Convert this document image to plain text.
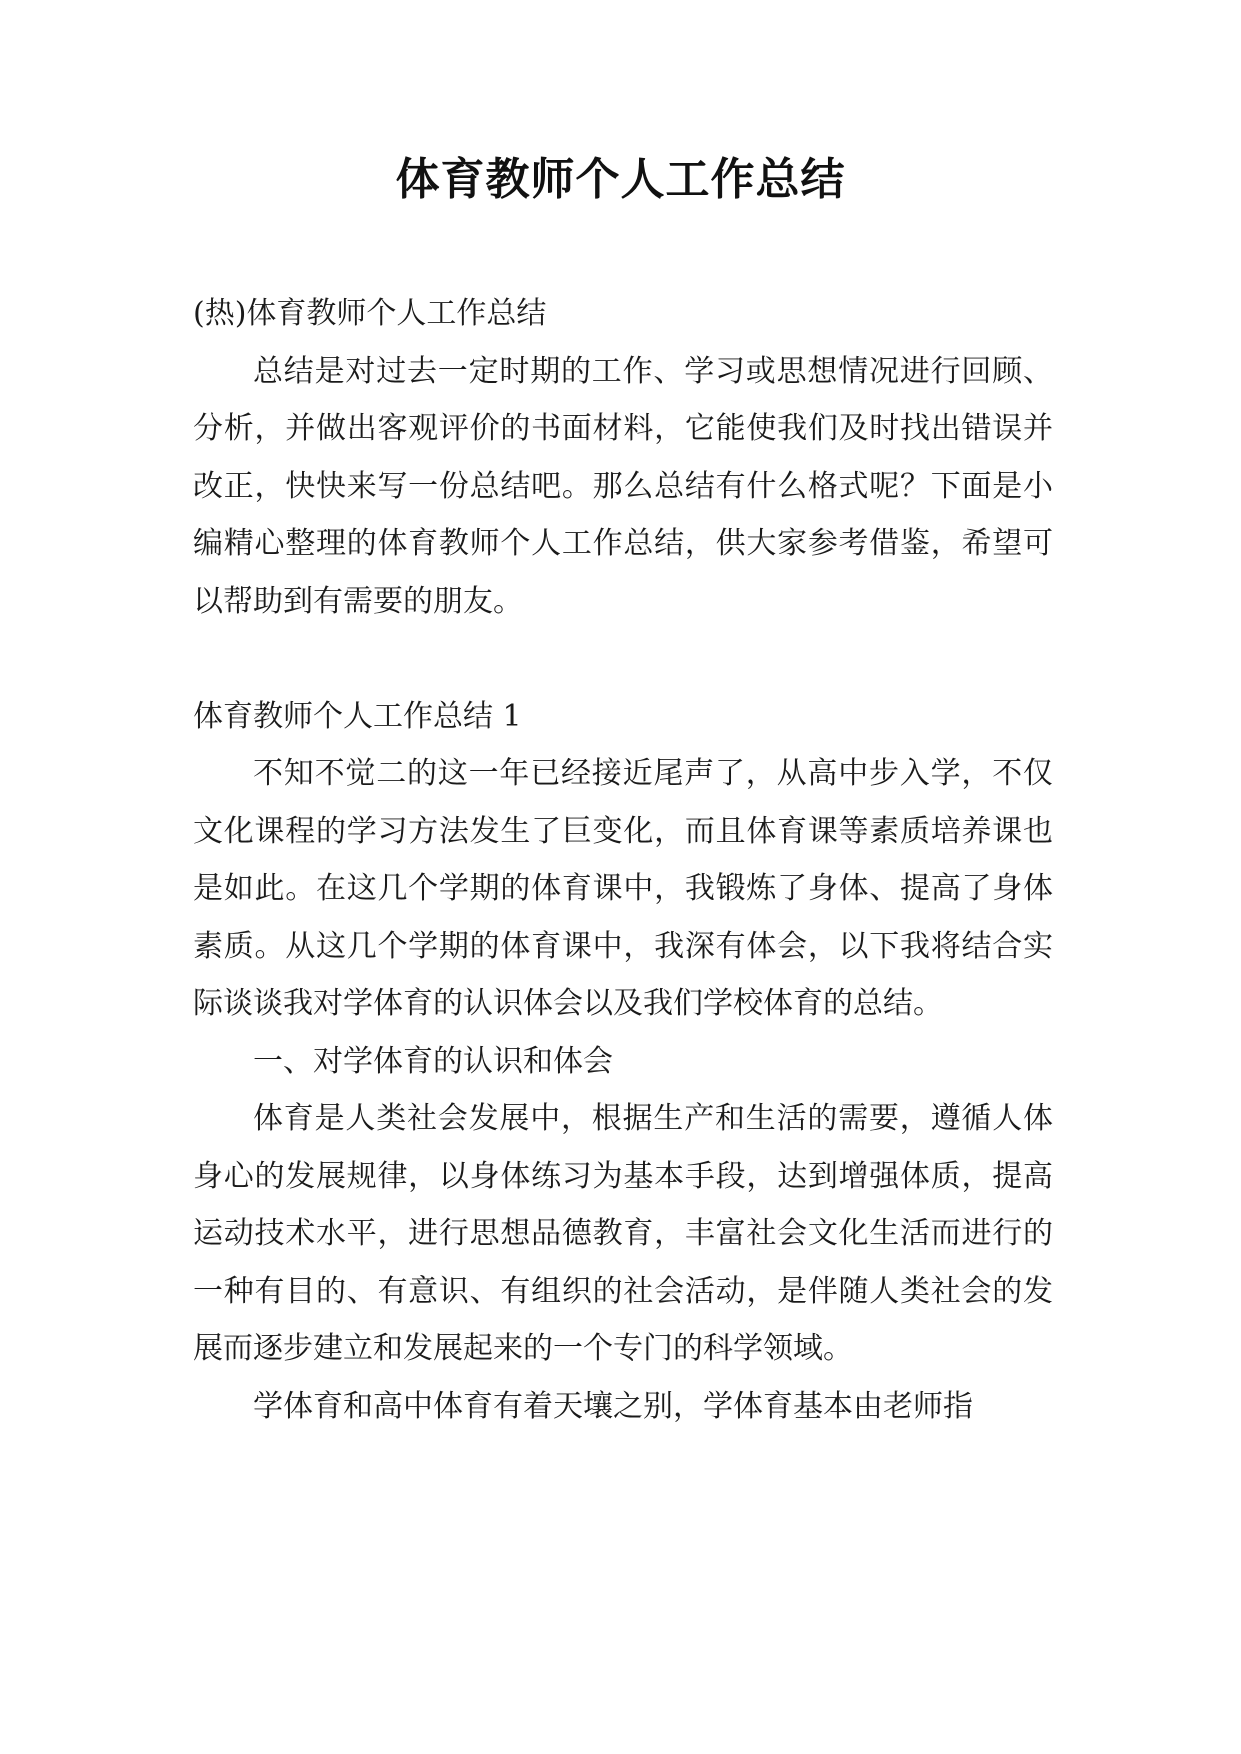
体育教师个人工作总结

(热)体育教师个人工作总结

总结是对过去一定时期的工作、学习或思想情况进行回顾、分析，并做出客观评价的书面材料，它能使我们及时找出错误并改正，快快来写一份总结吧。那么总结有什么格式呢？下面是小编精心整理的体育教师个人工作总结，供大家参考借鉴，希望可以帮助到有需要的朋友。

体育教师个人工作总结 1

不知不觉二的这一年已经接近尾声了，从高中步入学，不仅文化课程的学习方法发生了巨变化，而且体育课等素质培养课也是如此。在这几个学期的体育课中，我锻炼了身体、提高了身体素质。从这几个学期的体育课中，我深有体会，以下我将结合实际谈谈我对学体育的认识体会以及我们学校体育的总结。

一、对学体育的认识和体会

体育是人类社会发展中，根据生产和生活的需要，遵循人体身心的发展规律，以身体练习为基本手段，达到增强体质，提高运动技术水平，进行思想品德教育，丰富社会文化生活而进行的一种有目的、有意识、有组织的社会活动，是伴随人类社会的发展而逐步建立和发展起来的一个专门的科学领域。

学体育和高中体育有着天壤之别，学体育基本由老师指
